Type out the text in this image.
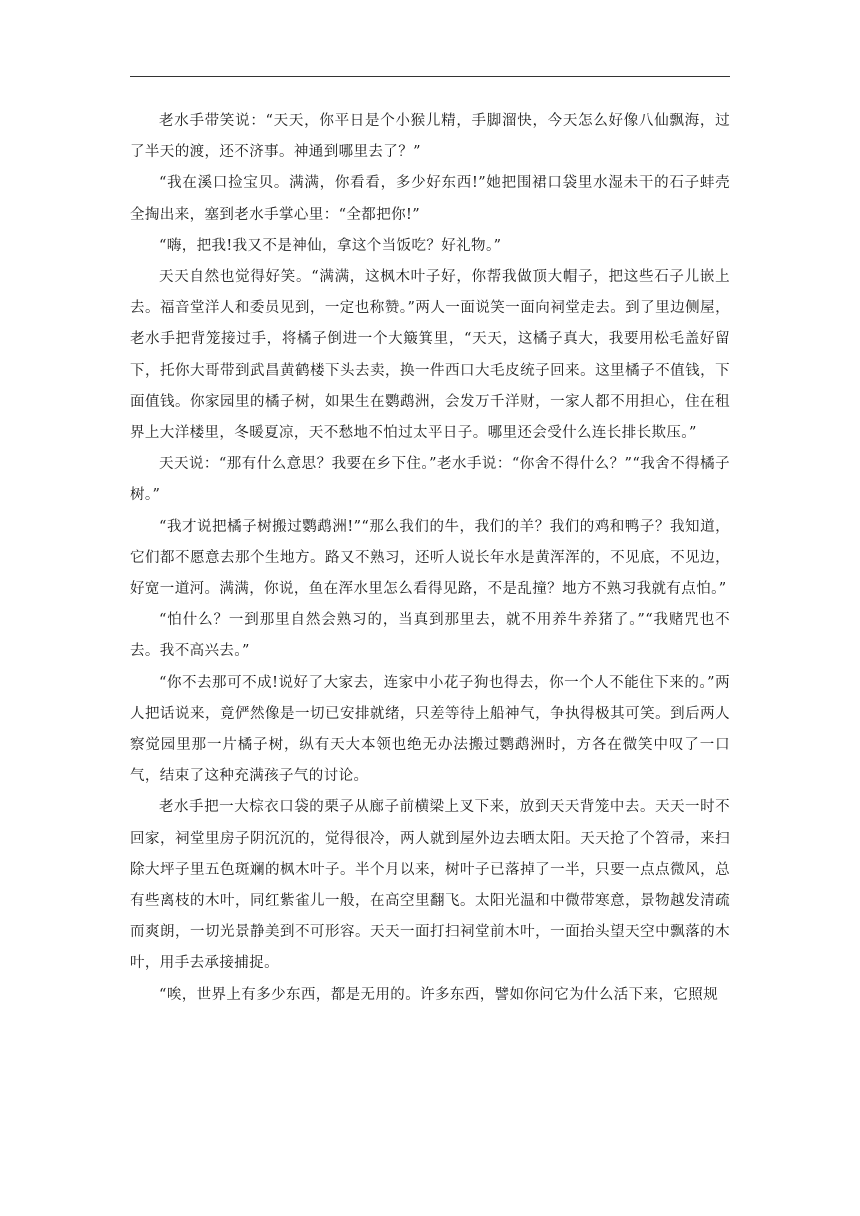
老水手带笑说：“天天，你平日是个小猴儿精，手脚溜快，今天怎么好像八仙飘海，过了半天的渡，还不济事。神通到哪里去了？”

“我在溪口捡宝贝。满满，你看看，多少好东西!”她把围裙口袋里水湿未干的石子蚌壳全掏出来，塞到老水手掌心里：“全都把你!”

“嗨，把我!我又不是神仙，拿这个当饭吃？好礼物。”

天天自然也觉得好笑。“满满，这枫木叶子好，你帮我做顶大帽子，把这些石子儿嵌上去。福音堂洋人和委员见到，一定也称赞。”两人一面说笑一面向祠堂走去。到了里边侧屋，老水手把背笼接过手，将橘子倒进一个大簸箕里，“天天，这橘子真大，我要用松毛盖好留下，托你大哥带到武昌黄鹤楼下头去卖，换一件西口大毛皮统子回来。这里橘子不值钱，下面值钱。你家园里的橘子树，如果生在鹦鹉洲，会发万千洋财，一家人都不用担心，住在租界上大洋楼里，冬暖夏凉，天不愁地不怕过太平日子。哪里还会受什么连长排长欺压。”

天天说：“那有什么意思？我要在乡下住。”老水手说：“你舍不得什么？”“我舍不得橘子树。”

“我才说把橘子树搬过鹦鹉洲!”“那么我们的牛，我们的羊？我们的鸡和鸭子？我知道，它们都不愿意去那个生地方。路又不熟习，还听人说长年水是黄浑浑的，不见底，不见边，好宽一道河。满满，你说，鱼在浑水里怎么看得见路，不是乱撞？地方不熟习我就有点怕。”

“怕什么？一到那里自然会熟习的，当真到那里去，就不用养牛养猪了。”“我赌咒也不去。我不高兴去。”

“你不去那可不成!说好了大家去，连家中小花子狗也得去，你一个人不能住下来的。”两人把话说来，竟俨然像是一切已安排就绪，只差等待上船神气，争执得极其可笑。到后两人察觉园里那一片橘子树，纵有天大本领也绝无办法搬过鹦鹉洲时，方各在微笑中叹了一口气，结束了这种充满孩子气的讨论。

老水手把一大棕衣口袋的栗子从廊子前横梁上叉下来，放到天天背笼中去。天天一时不回家，祠堂里房子阴沉沉的，觉得很冷，两人就到屋外边去晒太阳。天天抢了个笤帚，来扫除大坪子里五色斑斓的枫木叶子。半个月以来，树叶子已落掉了一半，只要一点点微风，总有些离枝的木叶，同红紫雀儿一般，在高空里翻飞。太阳光温和中微带寒意，景物越发清疏而爽朗，一切光景静美到不可形容。天天一面打扫祠堂前木叶，一面抬头望天空中飘落的木叶，用手去承接捕捉。

“唉，世界上有多少东西，都是无用的。许多东西，譬如你问它为什么活下来，它照规
